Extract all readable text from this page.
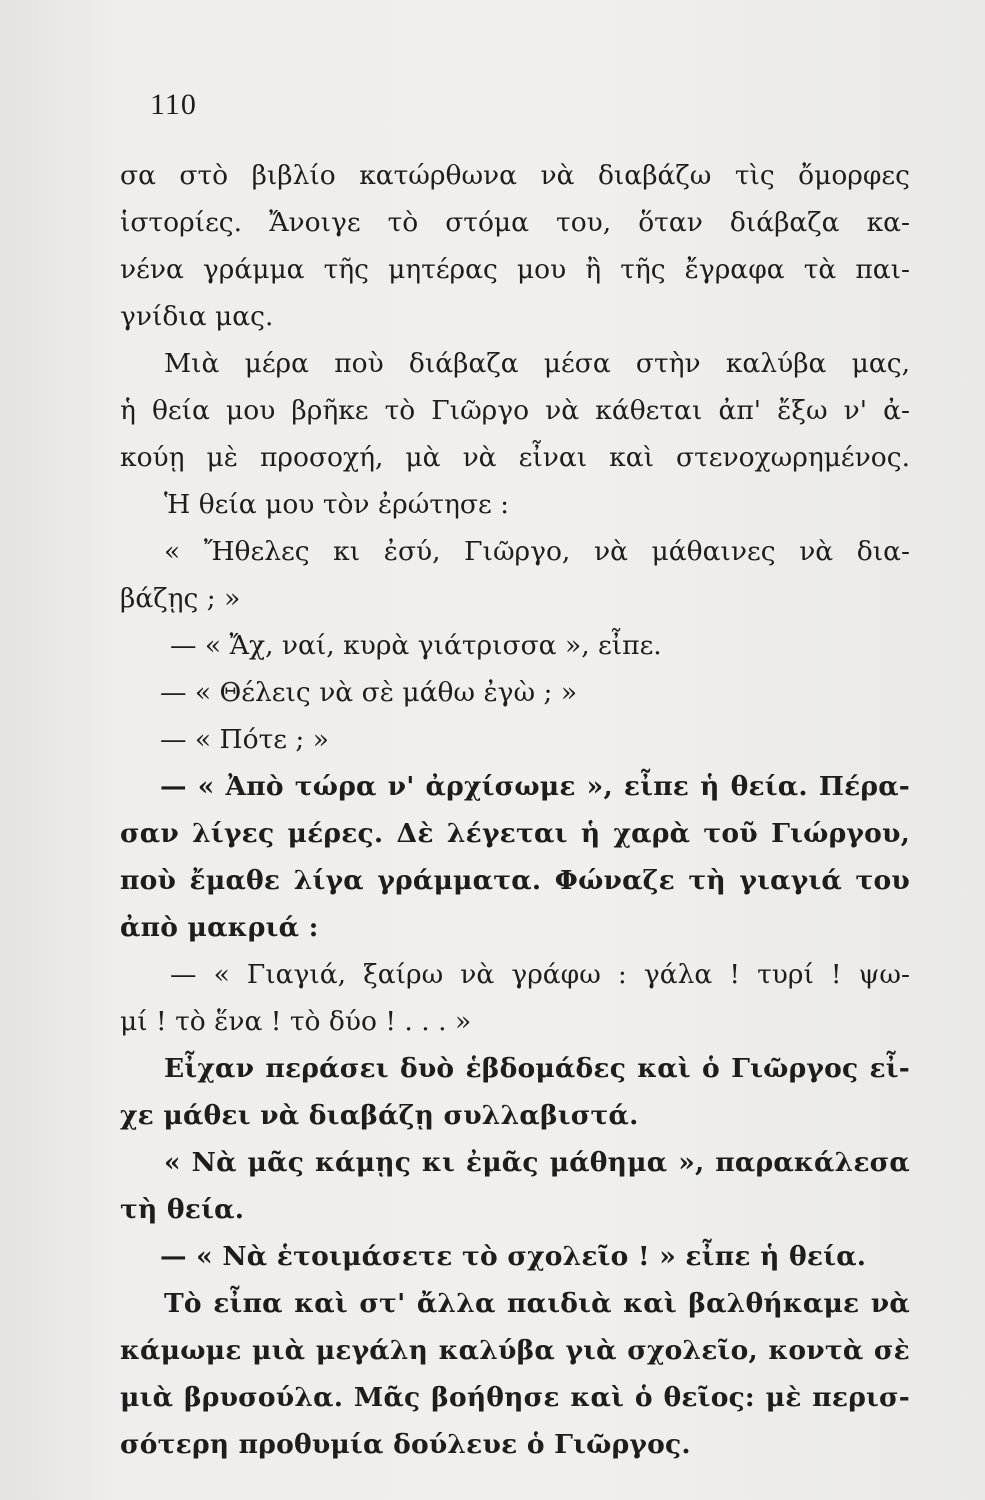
110
σα στὸ βιβλίο κατώρθωνα νὰ διαβάζω τὶς ὄμορφες
ἱστορίες. Ἄνοιγε τὸ στόμα του, ὅταν διάβαζα κα-
νένα γράμμα τῆς μητέρας μου ἢ τῆς ἔγραφα τὰ παι-
γνίδια μας.
Μιὰ μέρα ποὺ διάβαζα μέσα στὴν καλύβα μας,
ἡ θεία μου βρῆκε τὸ Γιῶργο νὰ κάθεται ἀπ' ἔξω ν' ἀ-
κούῃ μὲ προσοχή, μὰ νὰ εἶναι καὶ στενοχωρημένος.
Ἡ θεία μου τὸν ἐρώτησε :
« Ἤθελες κι ἐσύ, Γιῶργο, νὰ μάθαινες νὰ δια-
βάζῃς ; »
— « Ἄχ, ναί, κυρὰ γιάτρισσα », εἶπε.
— « Θέλεις νὰ σὲ μάθω ἐγὼ ; »
— « Πότε ; »
— « Ἀπὸ τώρα ν' ἀρχίσωμε », εἶπε ἡ θεία. Πέρα-
σαν λίγες μέρες. Δὲ λέγεται ἡ χαρὰ τοῦ Γιώργου,
ποὺ ἔμαθε λίγα γράμματα. Φώναζε τὴ γιαγιά του
ἀπὸ μακριά :
— « Γιαγιά, ξαίρω νὰ γράφω : γάλα ! τυρί ! ψω-
μί ! τὸ ἕνα ! τὸ δύο ! . . . »
Εἶχαν περάσει δυὸ ἑβδομάδες καὶ ὁ Γιῶργος εἶ-
χε μάθει νὰ διαβάζῃ συλλαβιστά.
« Νὰ μᾶς κάμῃς κι ἐμᾶς μάθημα », παρακάλεσα
τὴ θεία.
— « Νὰ ἑτοιμάσετε τὸ σχολεῖο ! » εἶπε ἡ θεία.
Τὸ εἶπα καὶ στ' ἄλλα παιδιὰ καὶ βαλθήκαμε νὰ
κάμωμε μιὰ μεγάλη καλύβα γιὰ σχολεῖο, κοντὰ σὲ
μιὰ βρυσούλα. Μᾶς βοήθησε καὶ ὁ θεῖος: μὲ περισ-
σότερη προθυμία δούλευε ὁ Γιῶργος.
